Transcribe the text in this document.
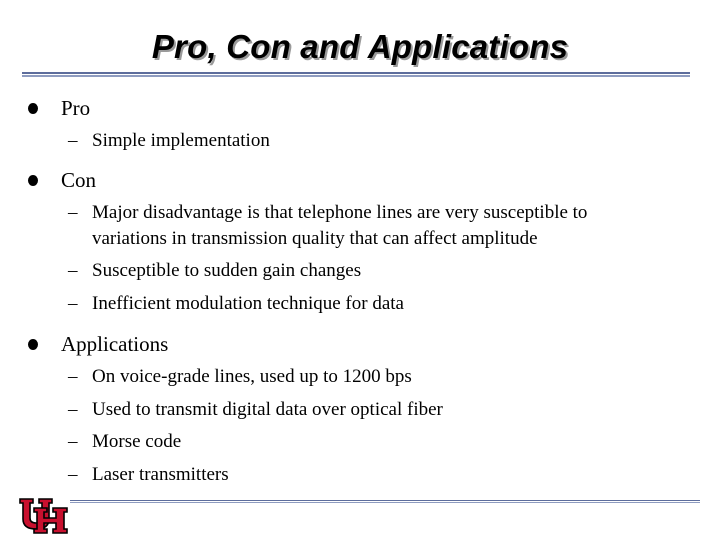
Pro, Con and Applications
Pro
– Simple implementation
Con
– Major disadvantage is that telephone lines are very susceptible to
variations in transmission quality that can affect amplitude
– Susceptible to sudden gain changes
– Inefficient modulation technique for data
Applications
– On voice-grade lines, used up to 1200 bps
– Used to transmit digital data over optical fiber
– Morse code
– Laser transmitters
